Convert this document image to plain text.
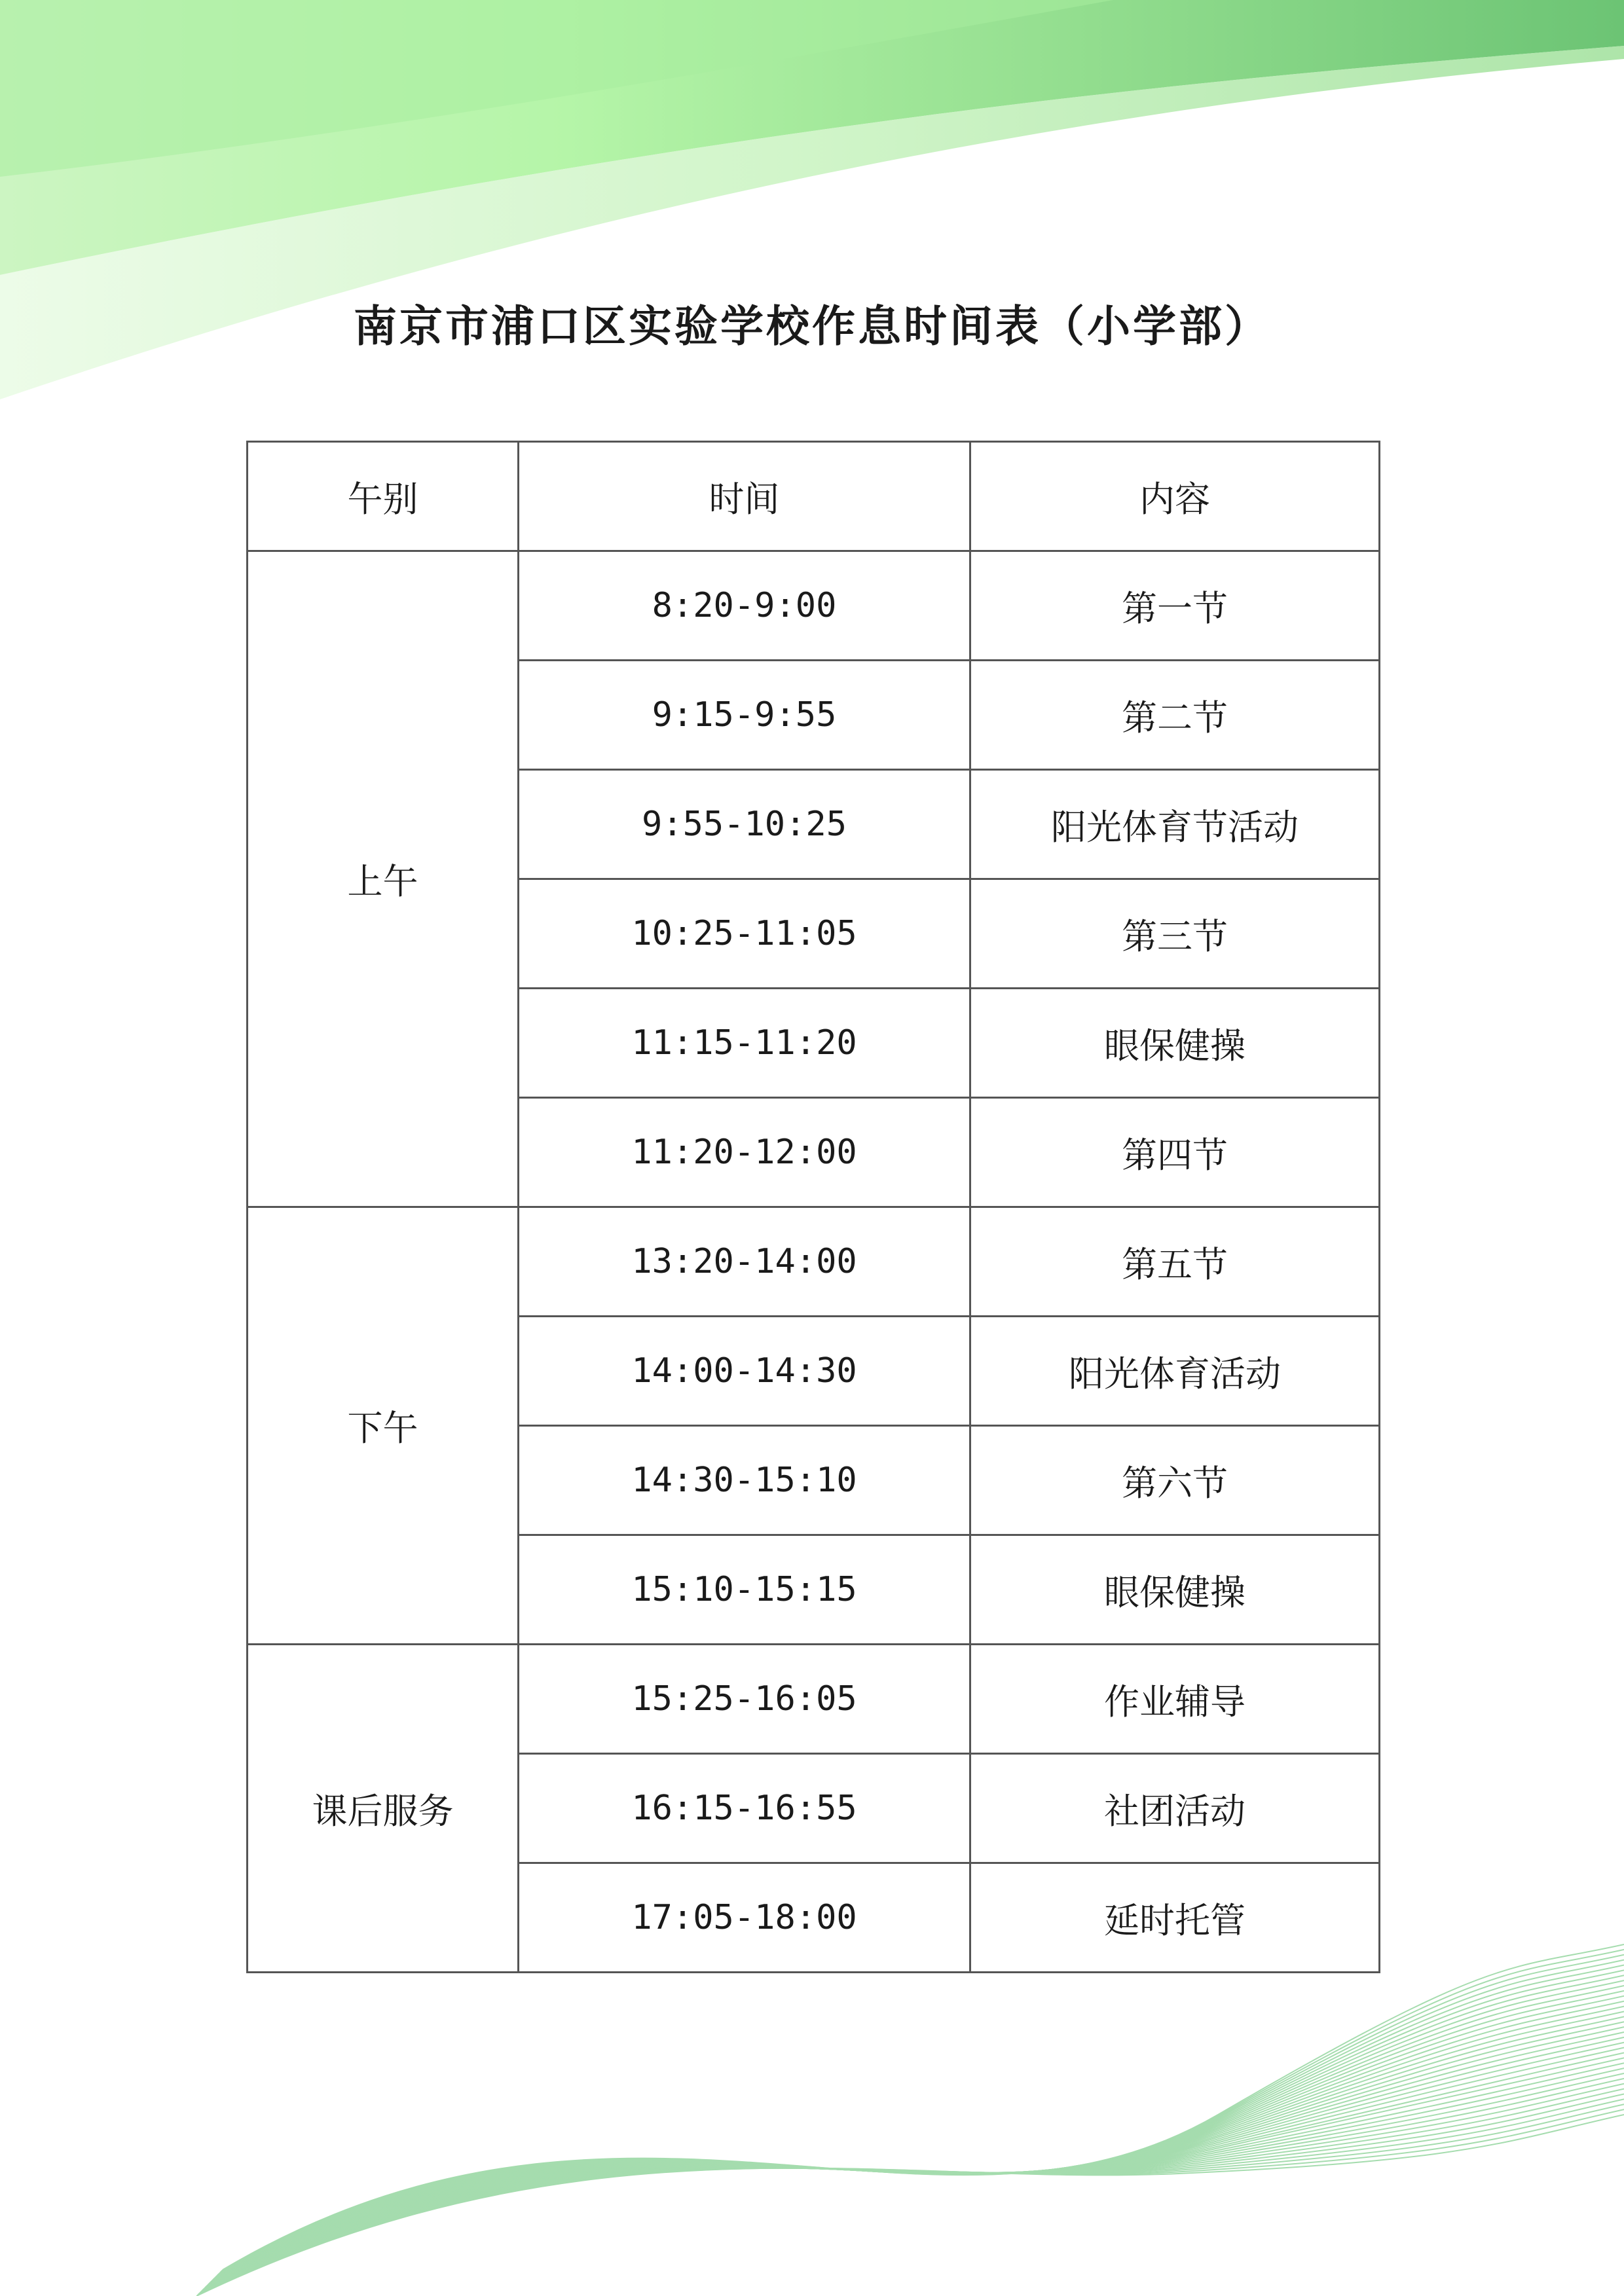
南京市浦口区实验学校作息时间表（小学部）
午别	时间	内容
上午	8:20-9:00	第一节
	9:15-9:55	第二节
	9:55-10:25	阳光体育节活动
	10:25-11:05	第三节
	11:15-11:20	眼保健操
	11:20-12:00	第四节
下午	13:20-14:00	第五节
	14:00-14:30	阳光体育活动
	14:30-15:10	第六节
	15:10-15:15	眼保健操
课后服务	15:25-16:05	作业辅导
	16:15-16:55	社团活动
	17:05-18:00	延时托管
